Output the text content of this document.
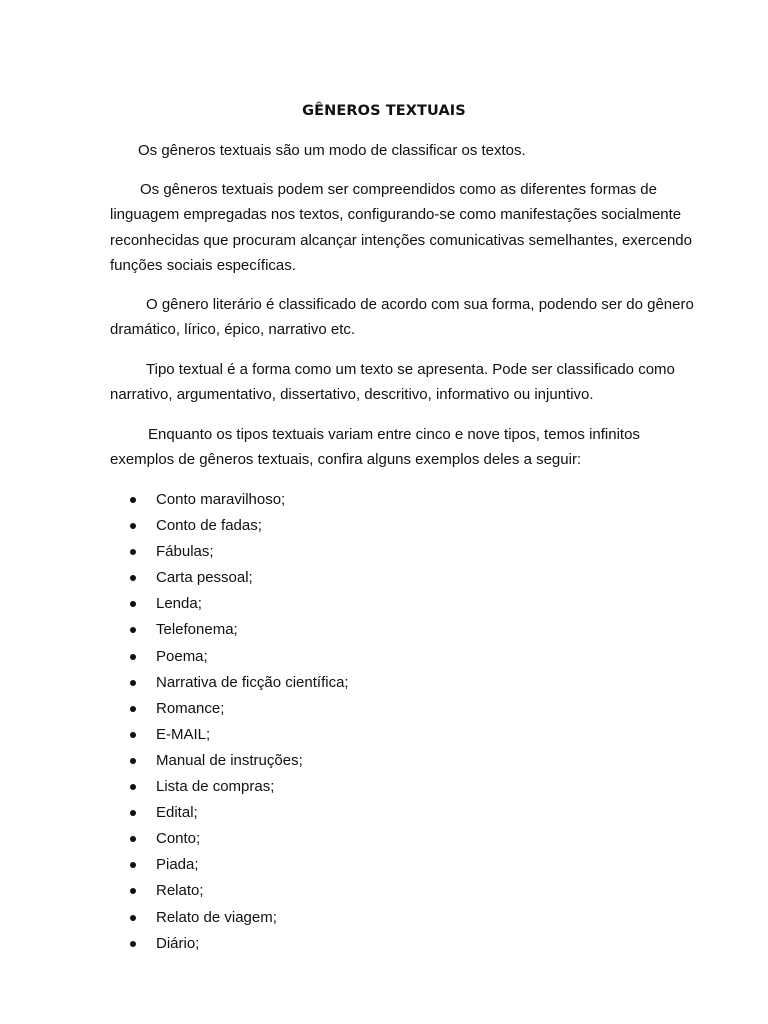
GÊNEROS TEXTUAIS

Os gêneros textuais são um modo de classificar os textos.

Os gêneros textuais podem ser compreendidos como as diferentes formas de linguagem empregadas nos textos, configurando-se como manifestações socialmente reconhecidas que procuram alcançar intenções comunicativas semelhantes, exercendo funções sociais específicas.

O gênero literário é classificado de acordo com sua forma, podendo ser do gênero dramático, lírico, épico, narrativo etc.

Tipo textual é a forma como um texto se apresenta. Pode ser classificado como narrativo, argumentativo, dissertativo, descritivo, informativo ou injuntivo.

Enquanto os tipos textuais variam entre cinco e nove tipos, temos infinitos exemplos de gêneros textuais, confira alguns exemplos deles a seguir:

Conto maravilhoso;
Conto de fadas;
Fábulas;
Carta pessoal;
Lenda;
Telefonema;
Poema;
Narrativa de ficção científica;
Romance;
E-MAIL;
Manual de instruções;
Lista de compras;
Edital;
Conto;
Piada;
Relato;
Relato de viagem;
Diário;
